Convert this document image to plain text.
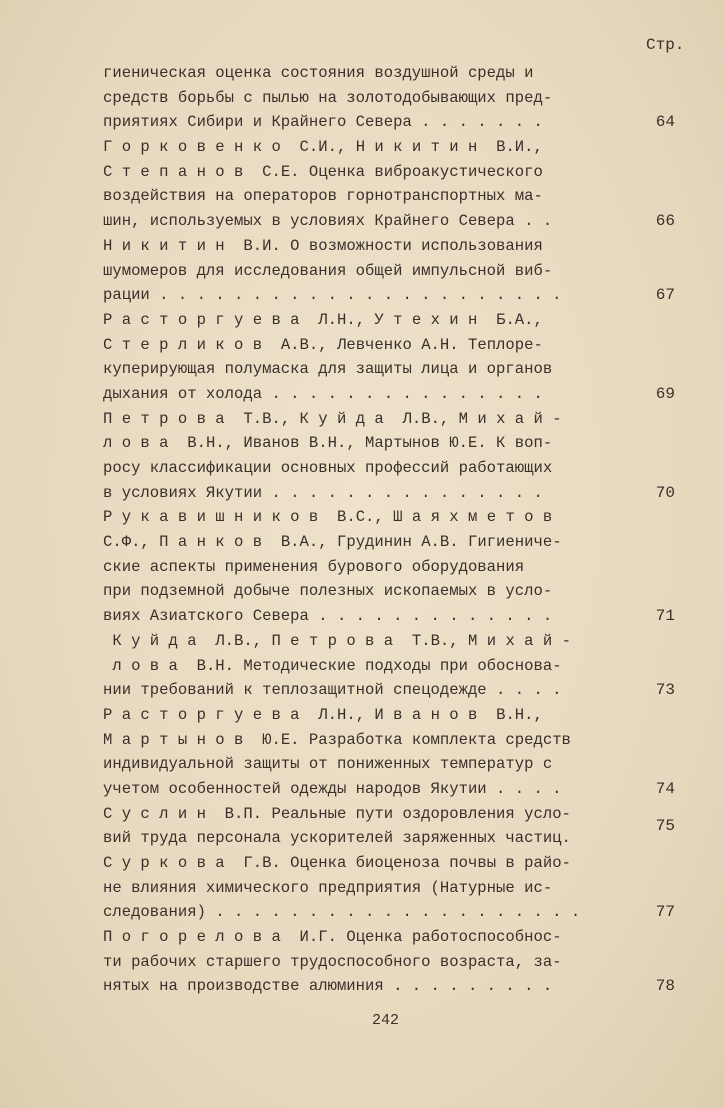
Стр.
гиеническая оценка состояния воздушной среды и
средств борьбы с пылью на золотодобывающих пред-
приятиях Сибири и Крайнего Севера . . . . . . .	64
Горковенко С.И., Никитин В.И.,
Степанов С.Е. Оценка виброакустического
воздействия на операторов горнотранспортных ма-
шин, используемых в условиях Крайнего Севера . .	66
Никитин В.И. О возможности использования
шумомеров для исследования общей импульсной виб-
рации . . . . . . . . . . . . . . . . . . . . . .	67
Расторгуева Л.Н., Утехин Б.А.,
Стерликов А.В., Левченко А.Н. Теплоре-
куперирующая полумаска для защиты лица и органов
дыхания от холода . . . . . . . . . . . . . . .	69
Петрова Т.В., Куйда Л.В., Михай-
лова В.Н., Иванов В.Н., Мартынов Ю.Е. К воп-
росу классификации основных профессий работающих
в условиях Якутии . . . . . . . . . . . . . . .	70
Рукавишников В.С., Шаяхметов
С.Ф., Панков В.А., Грудинин А.В. Гигиениче-
ские аспекты применения бурового оборудования
при подземной добыче полезных ископаемых в усло-
виях Азиатского Севера . . . . . . . . . . . . .	71
Куйда Л.В., Петрова Т.В., Михай-
лова В.Н. Методические подходы при обоснова-
нии требований к теплозащитной спецодежде . . . .	73
Расторгуева Л.Н., Иванов В.Н.,
Мартынов Ю.Е. Разработка комплекта средств
индивидуальной защиты от пониженных температур с
учетом особенностей одежды народов Якутии . . . .	74
Суслин В.П. Реальные пути оздоровления усло-
вий труда персонала ускорителей заряженных частиц.
75
Суркова Г.В. Оценка биоценоза почвы в райо-
не влияния химического предприятия (Натурные ис-
следования) . . . . . . . . . . . . . . . . . . . .	77
Погорелова И.Г. Оценка работоспособнос-
ти рабочих старшего трудоспособного возраста, за-
нятых на производстве алюминия . . . . . . . . .	78
242
